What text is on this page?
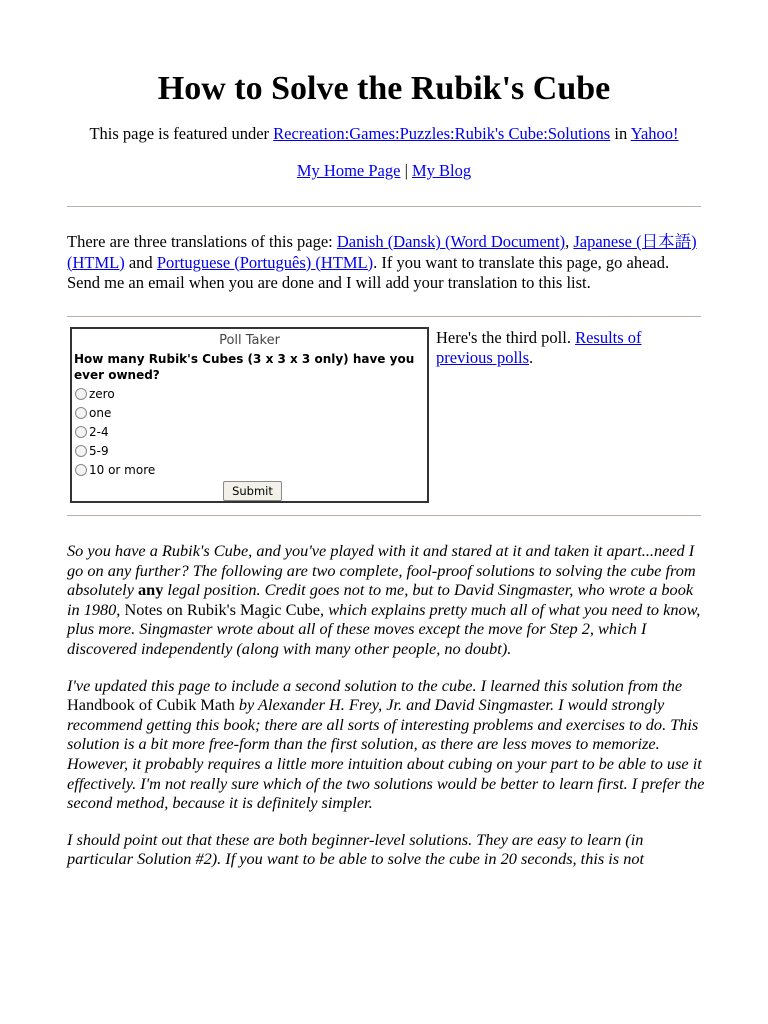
How to Solve the Rubik's Cube
This page is featured under Recreation:Games:Puzzles:Rubik's Cube:Solutions in Yahoo!
My Home Page | My Blog
There are three translations of this page: Danish (Dansk) (Word Document), Japanese (日本語) (HTML) and Portuguese (Português) (HTML). If you want to translate this page, go ahead. Send me an email when you are done and I will add your translation to this list.
Poll Taker
How many Rubik's Cubes (3 x 3 x 3 only) have you ever owned?
zero
one
2-4
5-9
10 or more
Submit
Here's the third poll. Results of previous polls.

So you have a Rubik's Cube, and you've played with it and stared at it and taken it apart...need I go on any further? The following are two complete, fool-proof solutions to solving the cube from absolutely any legal position. Credit goes not to me, but to David Singmaster, who wrote a book in 1980, Notes on Rubik's Magic Cube, which explains pretty much all of what you need to know, plus more. Singmaster wrote about all of these moves except the move for Step 2, which I discovered independently (along with many other people, no doubt).

I've updated this page to include a second solution to the cube. I learned this solution from the Handbook of Cubik Math by Alexander H. Frey, Jr. and David Singmaster. I would strongly recommend getting this book; there are all sorts of interesting problems and exercises to do. This solution is a bit more free-form than the first solution, as there are less moves to memorize. However, it probably requires a little more intuition about cubing on your part to be able to use it effectively. I'm not really sure which of the two solutions would be better to learn first. I prefer the second method, because it is definitely simpler.

I should point out that these are both beginner-level solutions. They are easy to learn (in particular Solution #2). If you want to be able to solve the cube in 20 seconds, this is not
